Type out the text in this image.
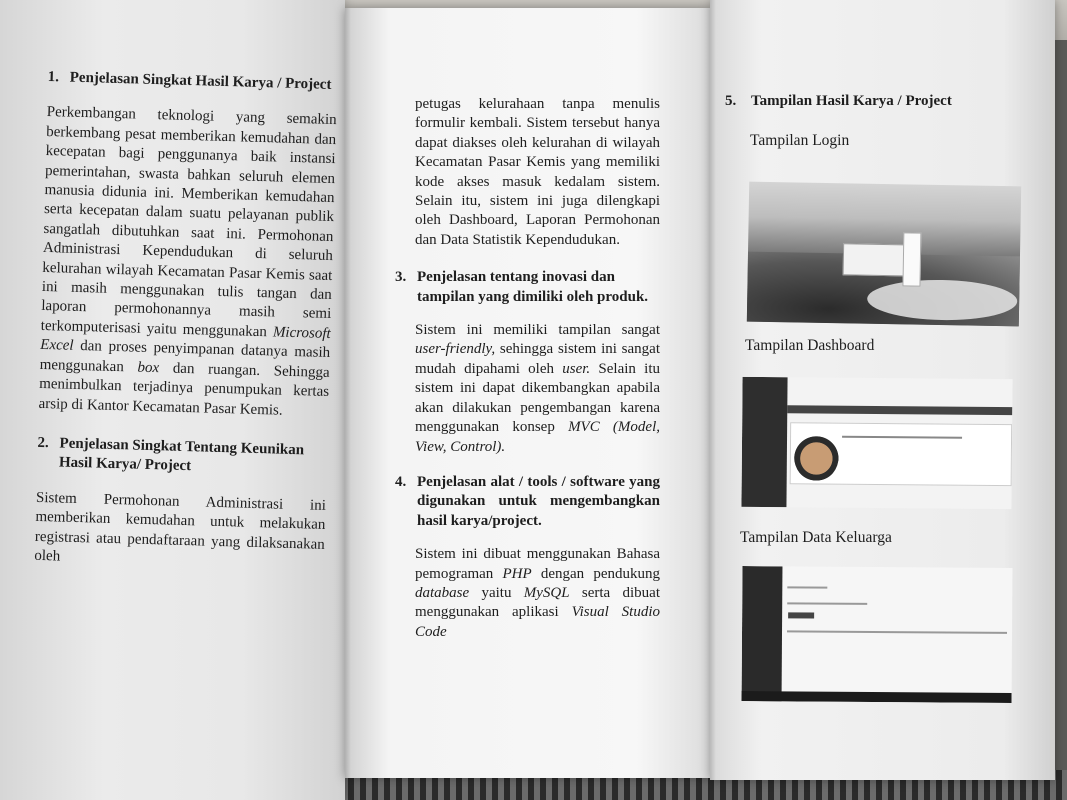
1. Penjelasan Singkat Hasil Karya / Project

Perkembangan teknologi yang semakin berkembang pesat memberikan kemudahan dan kecepatan bagi penggunanya baik instansi pemerintahan, swasta bahkan seluruh elemen manusia didunia ini. Memberikan kemudahan serta kecepatan dalam suatu pelayanan publik sangatlah dibutuhkan saat ini. Permohonan Administrasi Kependudukan di seluruh kelurahan wilayah Kecamatan Pasar Kemis saat ini masih menggunakan tulis tangan dan laporan permohonannya masih semi terkomputerisasi yaitu menggunakan Microsoft Excel dan proses penyimpanan datanya masih menggunakan box dan ruangan. Sehingga menimbulkan terjadinya penumpukan kertas arsip di Kantor Kecamatan Pasar Kemis.

2. Penjelasan Singkat Tentang Keunikan Hasil Karya/ Project

Sistem Permohonan Administrasi ini memberikan kemudahan untuk melakukan registrasi atau pendaftaraan yang dilaksanakan oleh

petugas kelurahaan tanpa menulis formulir kembali. Sistem tersebut hanya dapat diakses oleh kelurahan di wilayah Kecamatan Pasar Kemis yang memiliki kode akses masuk kedalam sistem. Selain itu, sistem ini juga dilengkapi oleh Dashboard, Laporan Permohonan dan Data Statistik Kependudukan.

3. Penjelasan tentang inovasi dan tampilan yang dimiliki oleh produk.

Sistem ini memiliki tampilan sangat user-friendly, sehingga sistem ini sangat mudah dipahami oleh user. Selain itu sistem ini dapat dikembangkan apabila akan dilakukan pengembangan karena menggunakan konsep MVC (Model, View, Control).

4. Penjelasan alat / tools / software yang digunakan untuk mengembangkan hasil karya/project.

Sistem ini dibuat menggunakan Bahasa pemograman PHP dengan pendukung database yaitu MySQL serta dibuat menggunakan aplikasi Visual Studio Code

5. Tampilan Hasil Karya / Project
Tampilan Login
Tampilan Dashboard
Tampilan Data Keluarga
